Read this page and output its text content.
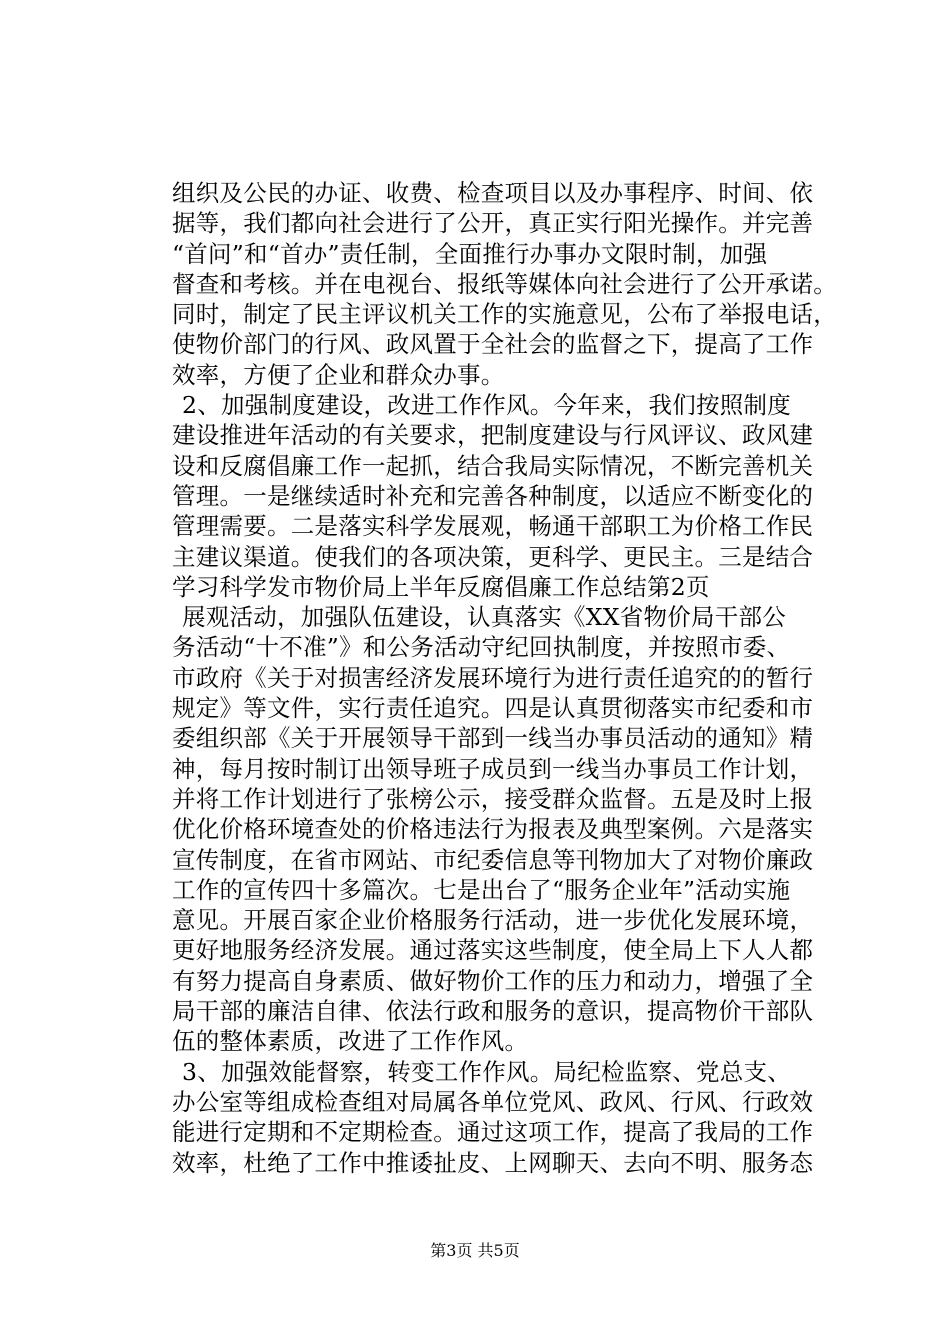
组织及公民的办证、收费、检查项目以及办事程序、时间、依
据等，我们都向社会进行了公开，真正实行阳光操作。并完善
“首问”和“首办”责任制，全面推行办事办文限时制，加强
督查和考核。并在电视台、报纸等媒体向社会进行了公开承诺。
同时，制定了民主评议机关工作的实施意见，公布了举报电话，
使物价部门的行风、政风置于全社会的监督之下，提高了工作
效率，方便了企业和群众办事。
2、加强制度建设，改进工作作风。今年来，我们按照制度
建设推进年活动的有关要求，把制度建设与行风评议、政风建
设和反腐倡廉工作一起抓，结合我局实际情况，不断完善机关
管理。一是继续适时补充和完善各种制度，以适应不断变化的
管理需要。二是落实科学发展观，畅通干部职工为价格工作民
主建议渠道。使我们的各项决策，更科学、更民主。三是结合
学习科学发市物价局上半年反腐倡廉工作总结第2页
展观活动，加强队伍建设，认真落实《XX省物价局干部公
务活动“十不准”》和公务活动守纪回执制度，并按照市委、
市政府《关于对损害经济发展环境行为进行责任追究的的暂行
规定》等文件，实行责任追究。四是认真贯彻落实市纪委和市
委组织部《关于开展领导干部到一线当办事员活动的通知》精
神，每月按时制订出领导班子成员到一线当办事员工作计划，
并将工作计划进行了张榜公示，接受群众监督。五是及时上报
优化价格环境查处的价格违法行为报表及典型案例。六是落实
宣传制度，在省市网站、市纪委信息等刊物加大了对物价廉政
工作的宣传四十多篇次。七是出台了“服务企业年”活动实施
意见。开展百家企业价格服务行活动，进一步优化发展环境，
更好地服务经济发展。通过落实这些制度，使全局上下人人都
有努力提高自身素质、做好物价工作的压力和动力，增强了全
局干部的廉洁自律、依法行政和服务的意识，提高物价干部队
伍的整体素质，改进了工作作风。
3、加强效能督察，转变工作作风。局纪检监察、党总支、
办公室等组成检查组对局属各单位党风、政风、行风、行政效
能进行定期和不定期检查。通过这项工作，提高了我局的工作
效率，杜绝了工作中推诿扯皮、上网聊天、去向不明、服务态
第3页 共5页
